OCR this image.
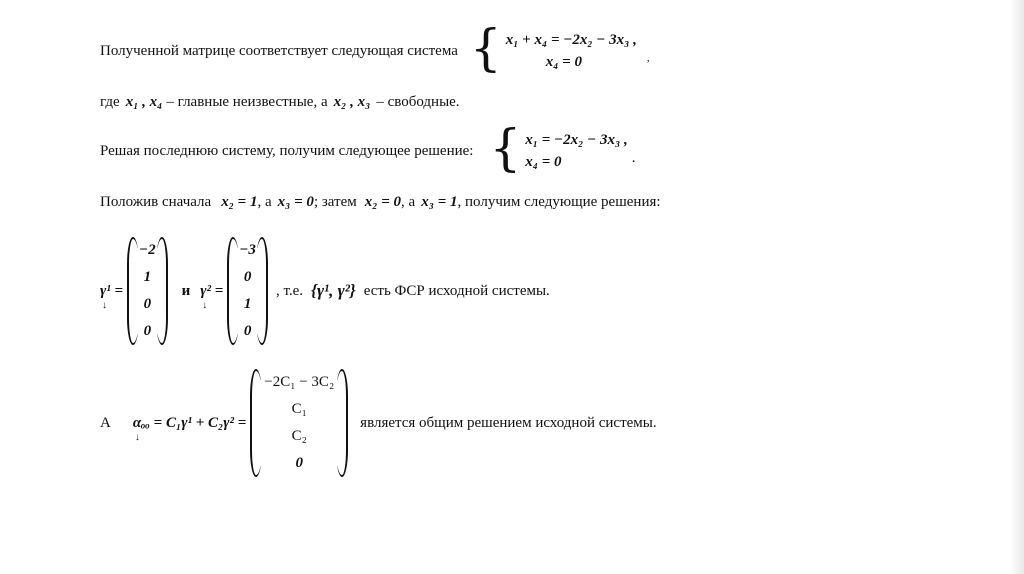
Полученной матрице соответствует следующая система { x₁ + x₄ = −2x₂ − 3x₃ ,
x₄ = 0	,
где x₁ , x₄ – главные неизвестные, а x₂ , x₃ – свободные.
Решая последнюю систему, получим следующее решение: { x₁ = −2x₂ − 3x₃ ,
x₄ = 0	.
Положив сначала x₂ = 1 , а x₃ = 0 ; затем x₂ = 0 , а x₃ = 1 , получим следующие решения:
γ¹ =
↓
−2
1
0
0
и γ² =
↓
−3
0
1
0
, т.е. {γ¹, γ²} есть ФСР исходной системы.
А αₒₒ = C₁γ¹ + C₂γ² =
↓
−2C₁ − 3C₂
C₁
C₂
0
является общим решением исходной системы.
